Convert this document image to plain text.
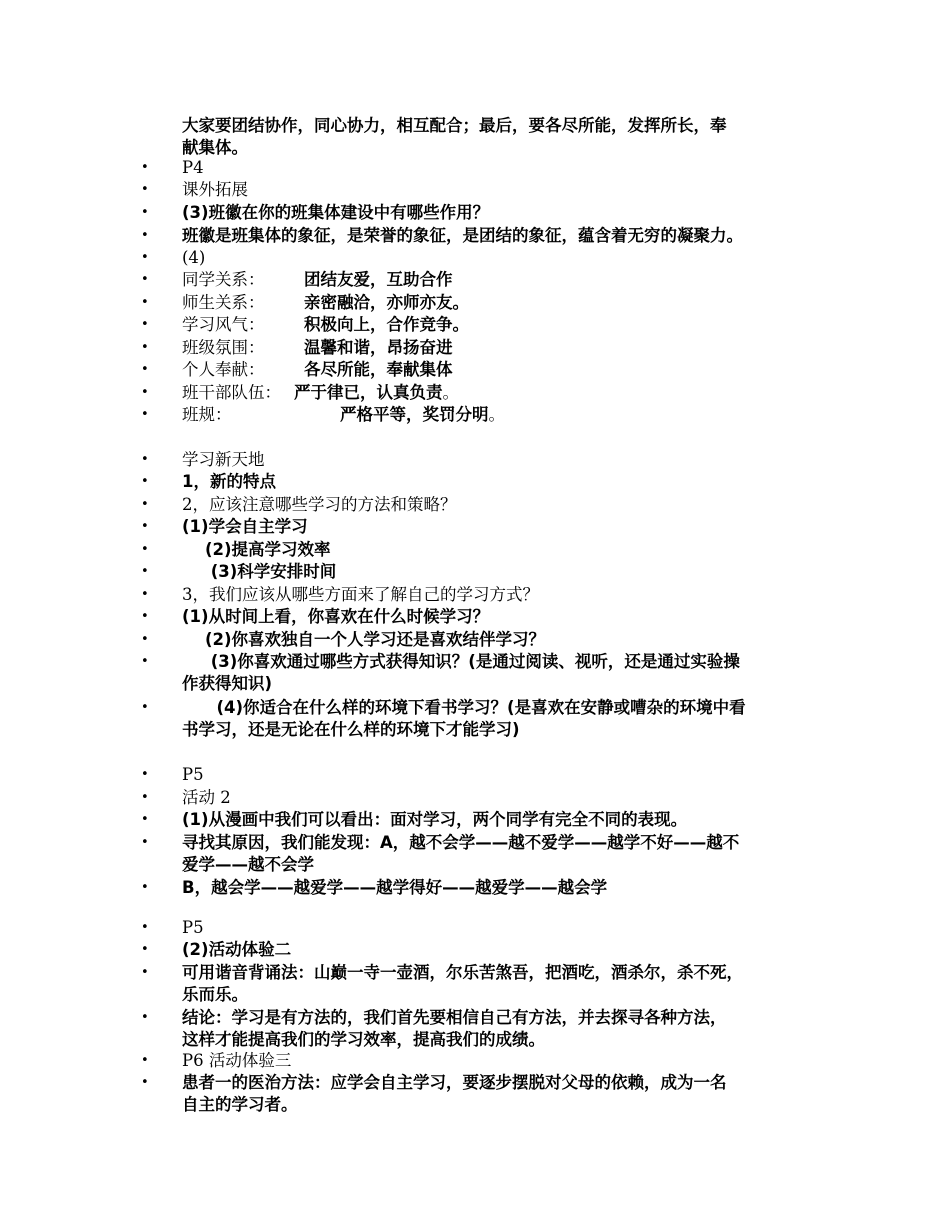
大家要团结协作，同心协力，相互配合；最后，要各尽所能，发挥所长，奉
献集体。
• P4
• 课外拓展
• (3)班徽在你的班集体建设中有哪些作用？
• 班徽是班集体的象征，是荣誉的象征，是团结的象征，蕴含着无穷的凝聚力。
• (4)
• 同学关系： 团结友爱，互助合作
• 师生关系： 亲密融洽，亦师亦友。
• 学习风气： 积极向上，合作竞争。
• 班级氛围： 温馨和谐，昂扬奋进
• 个人奉献： 各尽所能，奉献集体
• 班干部队伍： 严于律已，认真负责。
• 班规：	严格平等，奖罚分明。
• 学习新天地
• 1，新的特点
• 2，应该注意哪些学习的方法和策略？
• (1)学会自主学习
• (2)提高学习效率
• (3)科学安排时间
• 3，我们应该从哪些方面来了解自己的学习方式？
• (1)从时间上看，你喜欢在什么时候学习？
• (2)你喜欢独自一个人学习还是喜欢结伴学习？
•	(3)你喜欢通过哪些方式获得知识？(是通过阅读、视听，还是通过实验操
作获得知识)
•	(4)你适合在什么样的环境下看书学习？(是喜欢在安静或嘈杂的环境中看
书学习，还是无论在什么样的环境下才能学习)
• P5
• 活动 2
• (1)从漫画中我们可以看出：面对学习，两个同学有完全不同的表现。
• 寻找其原因，我们能发现：A，越不会学——越不爱学——越学不好——越不
爱学——越不会学
• B，越会学——越爱学——越学得好——越爱学——越会学
• P5
• (2)活动体验二
• 可用谐音背诵法：山巅一寺一壶酒，尔乐苦煞吾，把酒吃，酒杀尔，杀不死，
乐而乐。
• 结论：学习是有方法的，我们首先要相信自己有方法，并去探寻各种方法，
这样才能提高我们的学习效率，提高我们的成绩。
• P6 活动体验三
• 患者一的医治方法：应学会自主学习，要逐步摆脱对父母的依赖，成为一名
自主的学习者。
